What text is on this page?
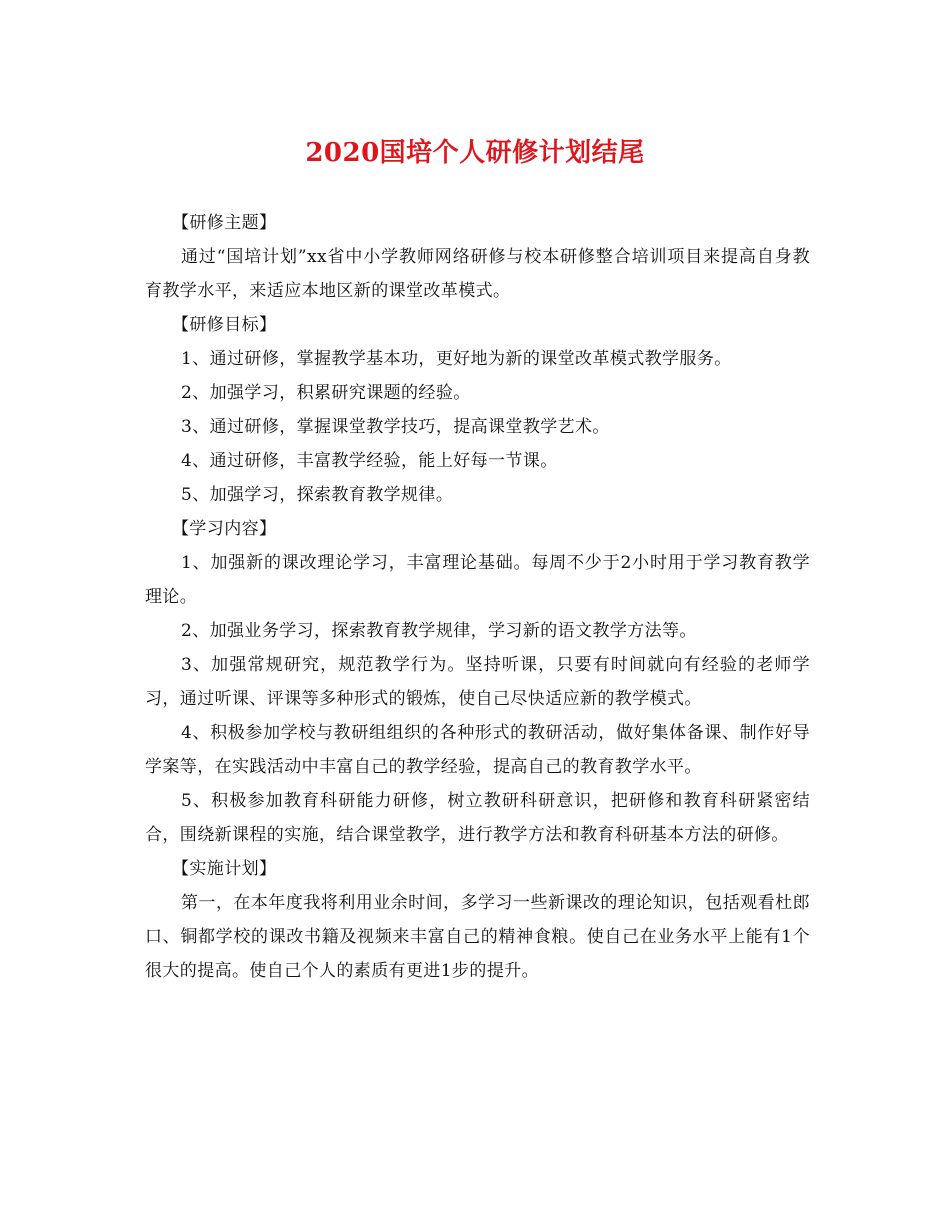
2020国培个人研修计划结尾

【研修主题】

通过“国培计划”xx省中小学教师网络研修与校本研修整合培训项目来提高自身教育教学水平，来适应本地区新的课堂改革模式。

【研修目标】

1、通过研修，掌握教学基本功，更好地为新的课堂改革模式教学服务。

2、加强学习，积累研究课题的经验。

3、通过研修，掌握课堂教学技巧，提高课堂教学艺术。

4、通过研修，丰富教学经验，能上好每一节课。

5、加强学习，探索教育教学规律。

【学习内容】

1、加强新的课改理论学习，丰富理论基础。每周不少于2小时用于学习教育教学理论。

2、加强业务学习，探索教育教学规律，学习新的语文教学方法等。

3、加强常规研究，规范教学行为。坚持听课，只要有时间就向有经验的老师学习，通过听课、评课等多种形式的锻炼，使自己尽快适应新的教学模式。

4、积极参加学校与教研组组织的各种形式的教研活动，做好集体备课、制作好导学案等，在实践活动中丰富自己的教学经验，提高自己的教育教学水平。

5、积极参加教育科研能力研修，树立教研科研意识，把研修和教育科研紧密结合，围绕新课程的实施，结合课堂教学，进行教学方法和教育科研基本方法的研修。

【实施计划】

第一，在本年度我将利用业余时间，多学习一些新课改的理论知识，包括观看杜郎口、铜都学校的课改书籍及视频来丰富自己的精神食粮。使自己在业务水平上能有1个很大的提高。使自己个人的素质有更进1步的提升。
